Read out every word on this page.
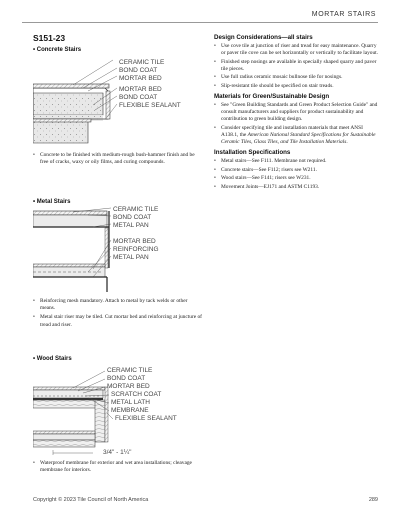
MORTAR STAIRS
S151-23
• Concrete Stairs
CERAMIC TILE
BOND COAT
MORTAR BED
MORTAR BED
BOND COAT
FLEXIBLE SEALANT
• Concrete to be finished with medium-rough bush-hammer finish and be free of cracks, waxy or oily films, and curing compounds.
• Metal Stairs
CERAMIC TILE
BOND COAT
METAL PAN
MORTAR BED
REINFORCING
METAL PAN
• Reinforcing mesh mandatory. Attach to metal by tack welds or other means.
• Metal stair riser may be tiled. Cut mortar bed and reinforcing at juncture of tread and riser.
• Wood Stairs
CERAMIC TILE
BOND COAT
MORTAR BED
SCRATCH COAT
METAL LATH
MEMBRANE
FLEXIBLE SEALANT
3/4" - 1¼"
• Waterproof membrane for exterior and wet area installations; cleavage membrane for interiors.
Design Considerations—all stairs
• Use cove tile at junction of riser and tread for easy maintenance. Quarry or paver tile cove can be set horizontally or vertically to facilitate layout.
• Finished step nosings are available in specially shaped quarry and paver tile pieces.
• Use full radius ceramic mosaic bullnose tile for nosings.
• Slip-resistant tile should be specified on stair treads.
Materials for Green/Sustainable Design
• See "Green Building Standards and Green Product Selection Guide" and consult manufacturers and suppliers for product sustainability and contribution to green building design.
• Consider specifying tile and installation materials that meet ANSI A138.1, the American National Standard Specifications for Sustainable Ceramic Tiles, Glass Tiles, and Tile Installation Materials.
Installation Specifications
• Metal stairs—See F111. Membrane not required.
• Concrete stairs—See F112; risers see W211.
• Wood stairs—See F141; risers see W231.
• Movement Joints—EJ171 and ASTM C1193.
Copyright © 2023 Tile Council of North America	289
